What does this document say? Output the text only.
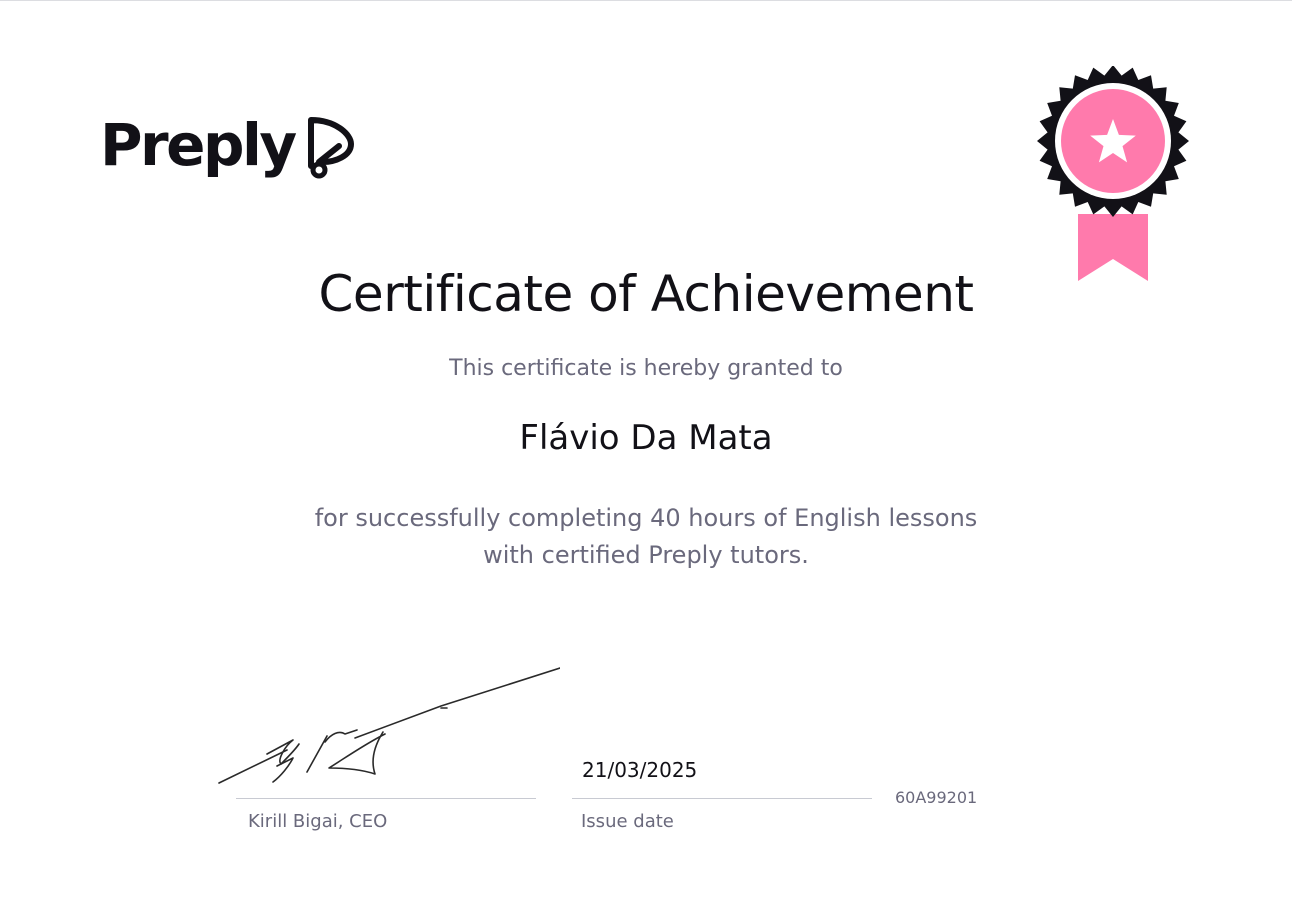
Preply
Certificate of Achievement
This certificate is hereby granted to
Flávio Da Mata
for successfully completing 40 hours of English lessons
with certified Preply tutors.
Kirill Bigai, CEO
21/03/2025
Issue date
60A99201
